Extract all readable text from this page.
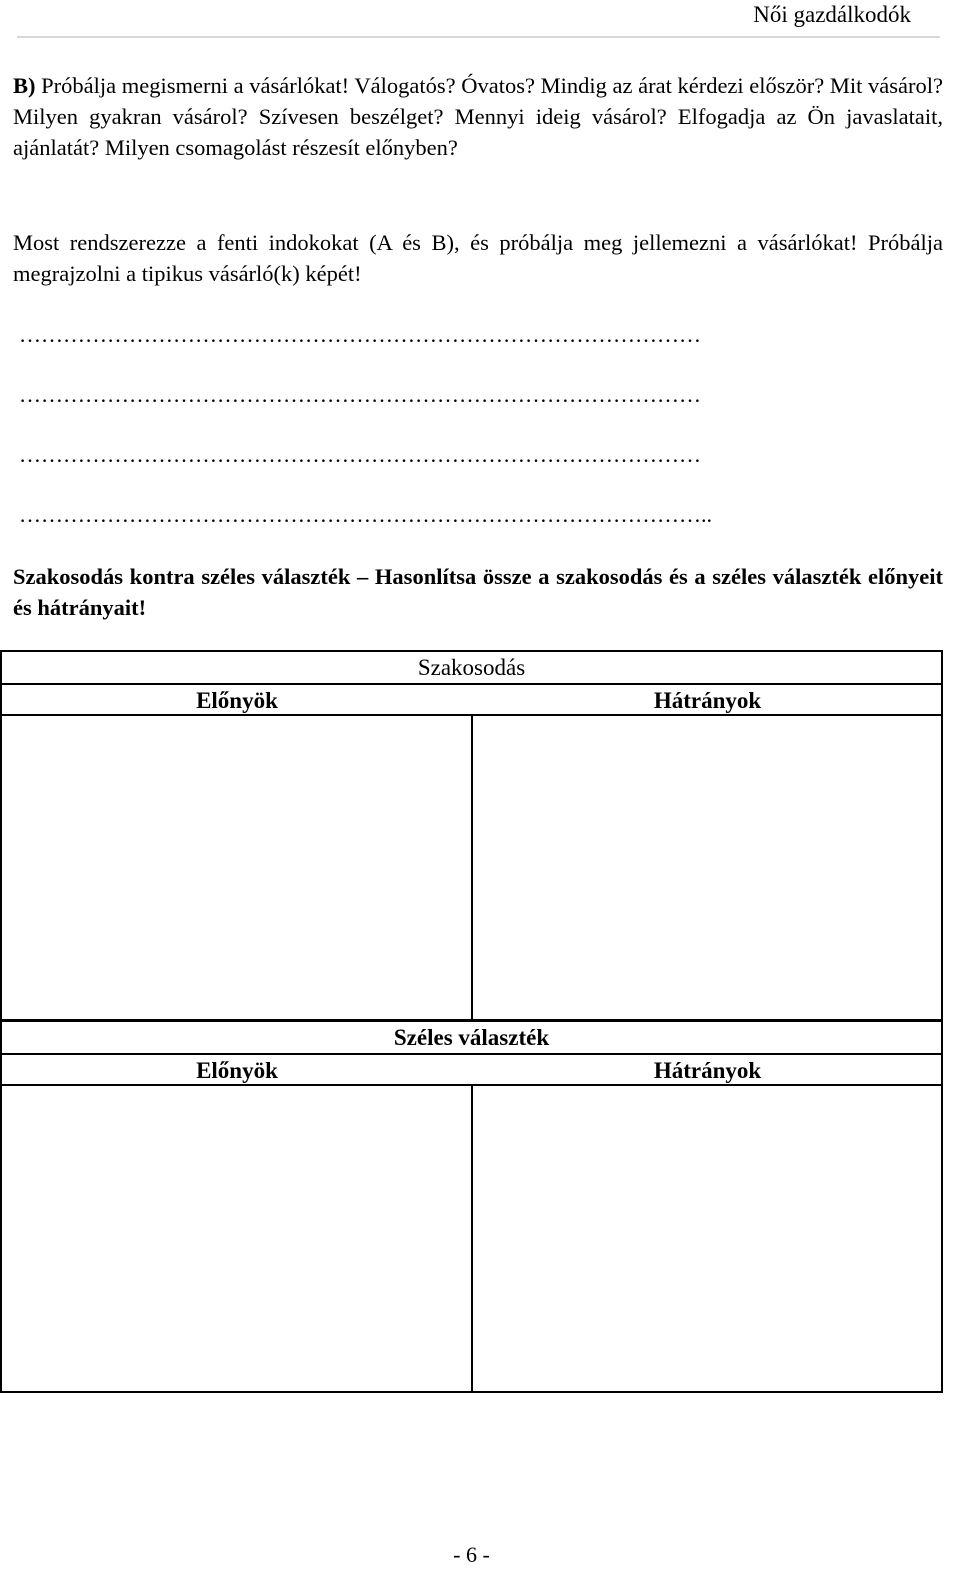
Női gazdálkodók
B) Próbálja megismerni a vásárlókat! Válogatós? Óvatos? Mindig az árat kérdezi először? Mit vásárol? Milyen gyakran vásárol? Szívesen beszélget? Mennyi ideig vásárol? Elfogadja az Ön javaslatait, ajánlatát? Milyen csomagolást részesít előnyben?
Most rendszerezze a fenti indokokat (A és B), és próbálja meg jellemezni a vásárlókat! Próbálja megrajzolni a tipikus vásárló(k) képét!
…………………………………………………………………………………
…………………………………………………………………………………
…………………………………………………………………………………
…………………………………………………………………………………..
Szakosodás kontra széles választék – Hasonlítsa össze a szakosodás és a széles választék előnyeit és hátrányait!
Szakosodás
Előnyök	Hátrányok
Széles választék
Előnyök	Hátrányok
- 6 -
